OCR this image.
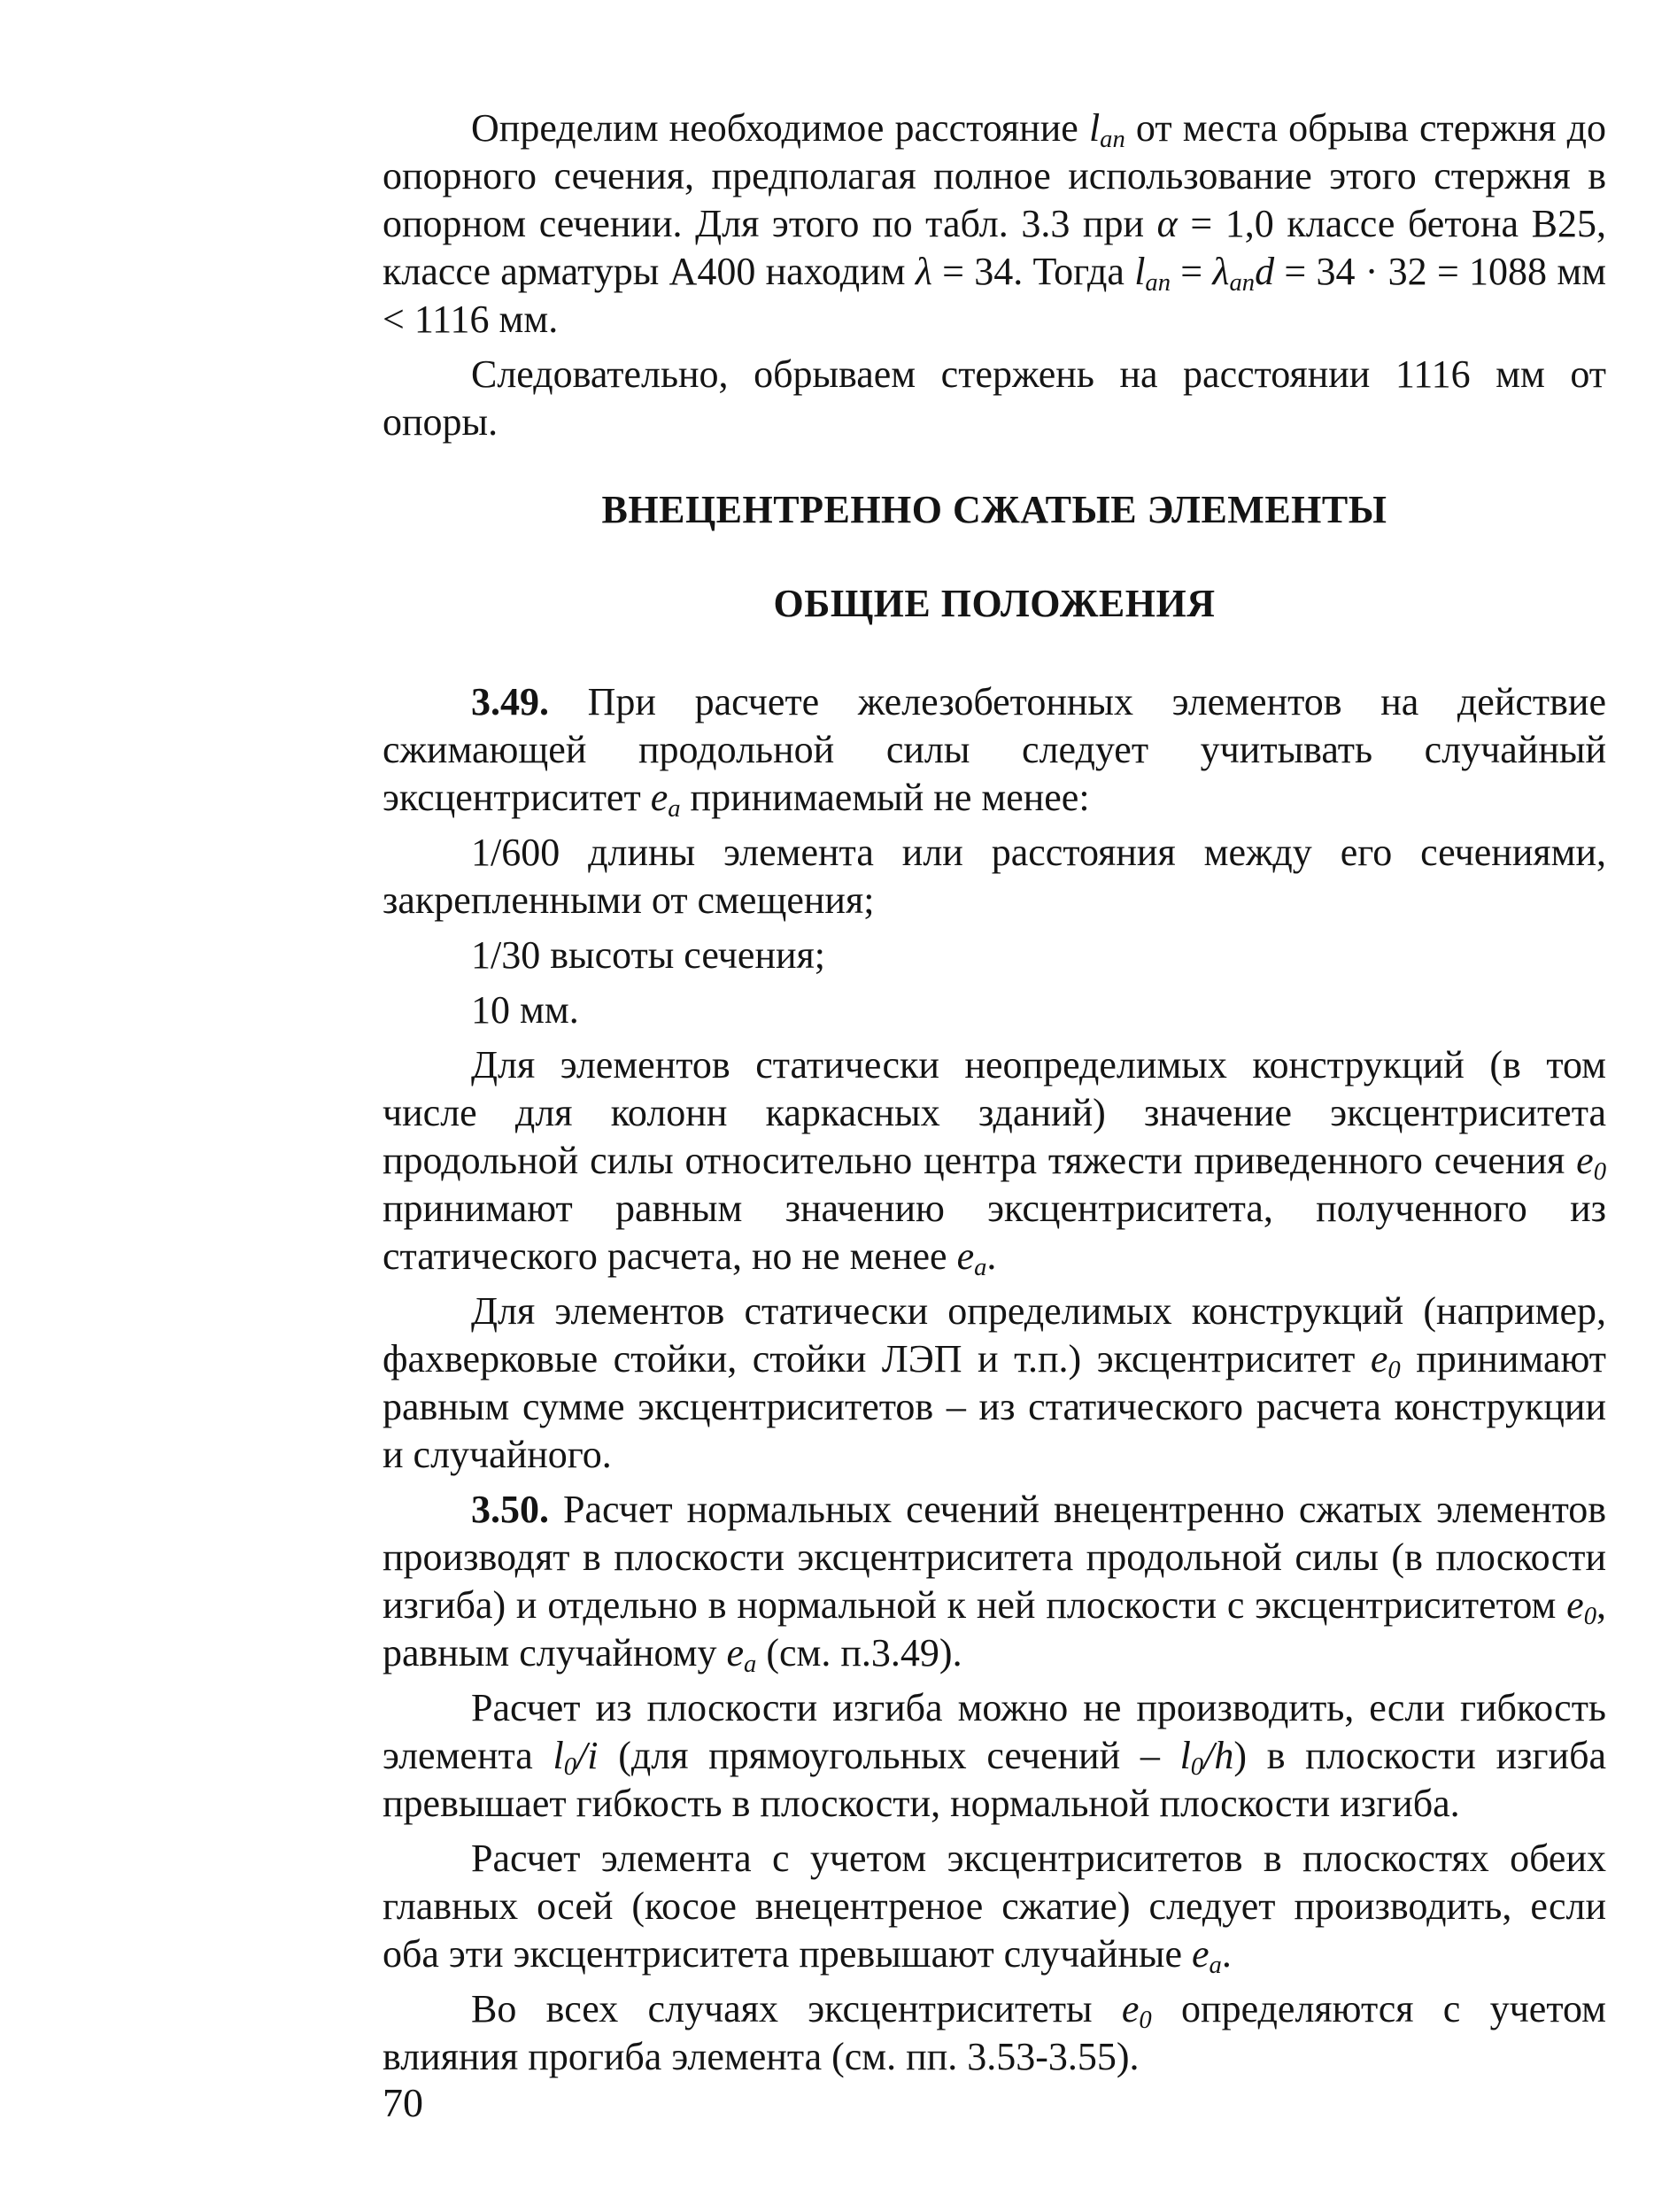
Определим необходимое расстояние $l_{an}$ от места обрыва стержня до опорного сечения, предполагая полное использование этого стержня в опорном сечении. Для этого по табл. 3.3 при α = 1,0 классе бетона В25, классе арматуры А400 находим λ = 34. Тогда $l_{an} = \lambda_{an}d = 34 \cdot 32 = 1088$ мм < 1116 мм.

Следовательно, обрываем стержень на расстоянии 1116 мм от опоры.

ВНЕЦЕНТРЕННО СЖАТЫЕ ЭЛЕМЕНТЫ
ОБЩИЕ ПОЛОЖЕНИЯ

3.49. При расчете железобетонных элементов на действие сжимающей продольной силы следует учитывать случайный эксцентриситет $e_a$ принимаемый не менее:

1/600 длины элемента или расстояния между его сечениями, закрепленными от смещения;

1/30 высоты сечения;

10 мм.

Для элементов статически неопределимых конструкций (в том числе для колонн каркасных зданий) значение эксцентриситета продольной силы относительно центра тяжести приведенного сечения $e_0$ принимают равным значению эксцентриситета, полученного из статического расчета, но не менее $e_a$.

Для элементов статически определимых конструкций (например, фахверковые стойки, стойки ЛЭП и т.п.) эксцентриситет $e_0$ принимают равным сумме эксцентриситетов – из статического расчета конструкции и случайного.

3.50. Расчет нормальных сечений внецентренно сжатых элементов производят в плоскости эксцентриситета продольной силы (в плоскости изгиба) и отдельно в нормальной к ней плоскости с эксцентриситетом $e_0$, равным случайному $e_a$ (см. п.3.49).

Расчет из плоскости изгиба можно не производить, если гибкость элемента $l_0/i$ (для прямоугольных сечений – $l_0/h$) в плоскости изгиба превышает гибкость в плоскости, нормальной плоскости изгиба.

Расчет элемента с учетом эксцентриситетов в плоскостях обеих главных осей (косое внецентреное сжатие) следует производить, если оба эти эксцентриситета превышают случайные $e_a$.

Во всех случаях эксцентриситеты $e_0$ определяются с учетом влияния прогиба элемента (см. пп. 3.53-3.55).

70
